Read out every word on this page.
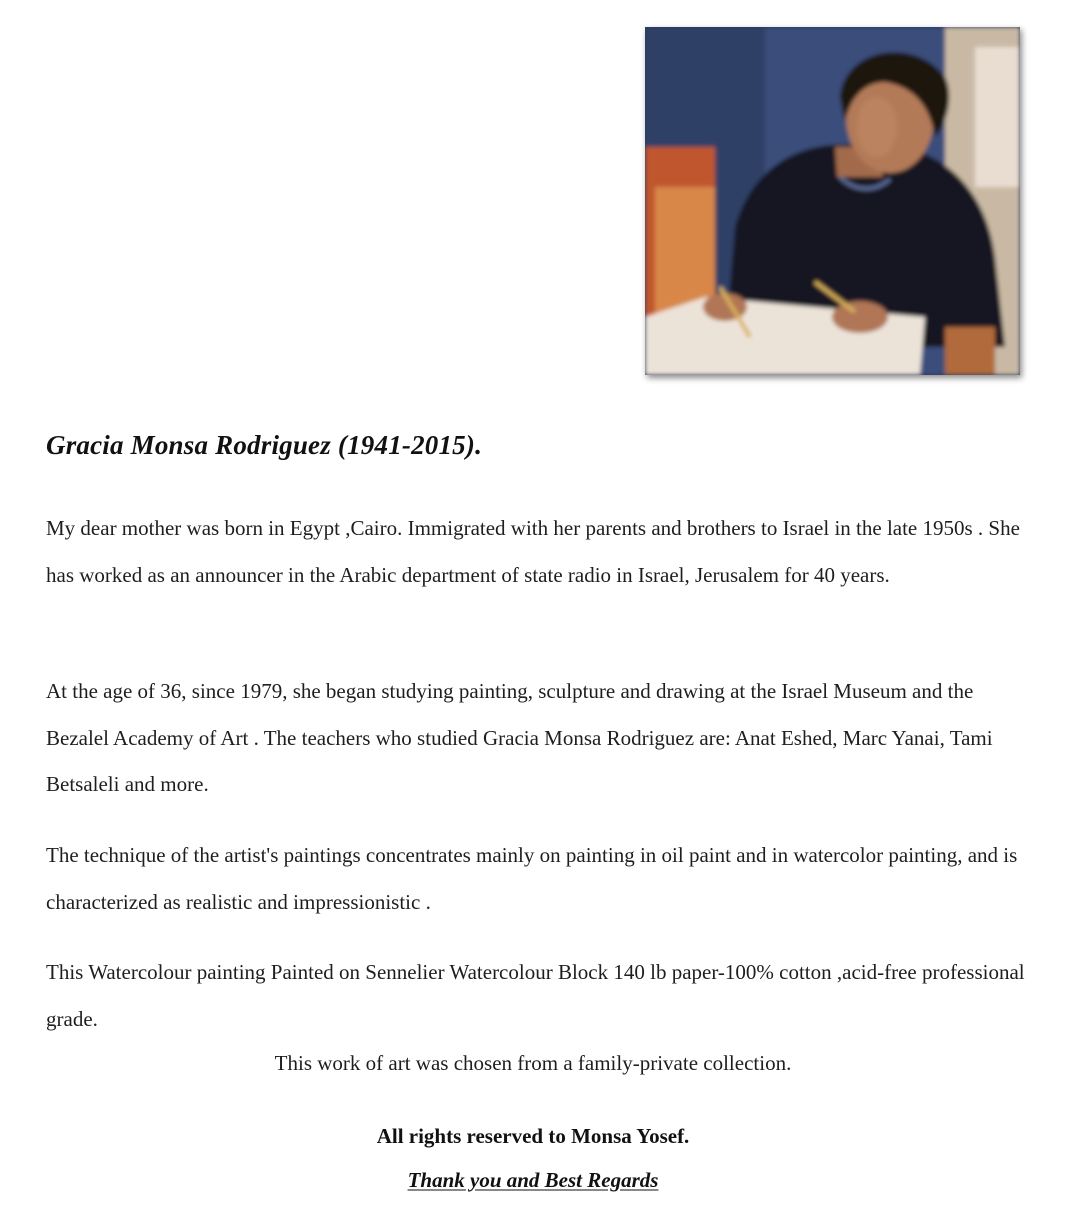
Gracia Monsa Rodriguez (1941-2015).

My dear mother was born in Egypt ,Cairo. Immigrated with her parents and brothers to Israel in the late 1950s . She has worked as an announcer in the Arabic department of state radio in Israel, Jerusalem for 40 years.

At the age of 36, since 1979, she began studying painting, sculpture and drawing at the Israel Museum and the Bezalel Academy of Art . The teachers who studied Gracia Monsa Rodriguez are: Anat Eshed, Marc Yanai, Tami Betsaleli and more.

The technique of the artist's paintings concentrates mainly on painting in oil paint and in watercolor painting, and is characterized as realistic and impressionistic .

This Watercolour painting Painted on Sennelier Watercolour Block 140 lb paper-100% cotton ,acid-free professional grade.

This work of art was chosen from a family-private collection.

All rights reserved to Monsa Yosef.

Thank you and Best Regards
